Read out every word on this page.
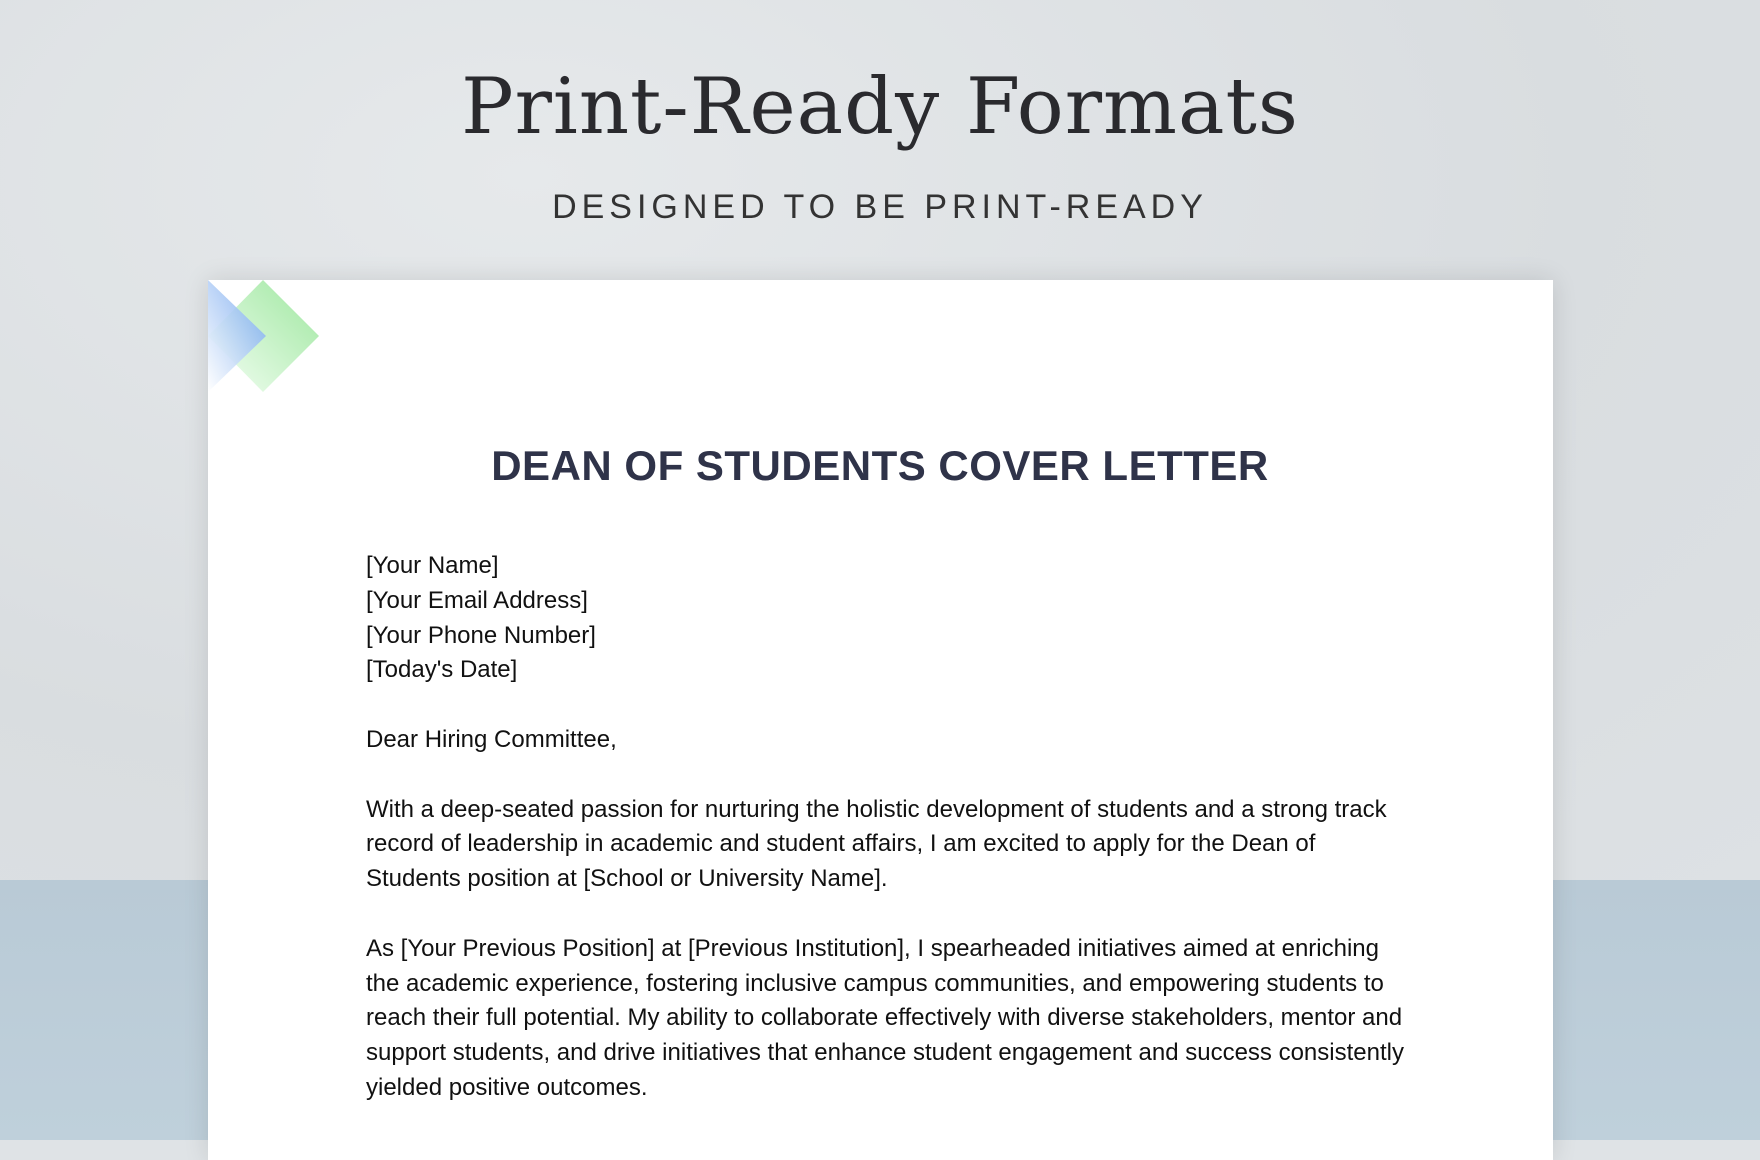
Print-Ready Formats
DESIGNED TO BE PRINT-READY
DEAN OF STUDENTS COVER LETTER

[Your Name]
[Your Email Address]
[Your Phone Number]
[Today's Date]

Dear Hiring Committee,

With a deep-seated passion for nurturing the holistic development of students and a strong track record of leadership in academic and student affairs, I am excited to apply for the Dean of Students position at [School or University Name].

As [Your Previous Position] at [Previous Institution], I spearheaded initiatives aimed at enriching the academic experience, fostering inclusive campus communities, and empowering students to reach their full potential. My ability to collaborate effectively with diverse stakeholders, mentor and support students, and drive initiatives that enhance student engagement and success consistently yielded positive outcomes.
